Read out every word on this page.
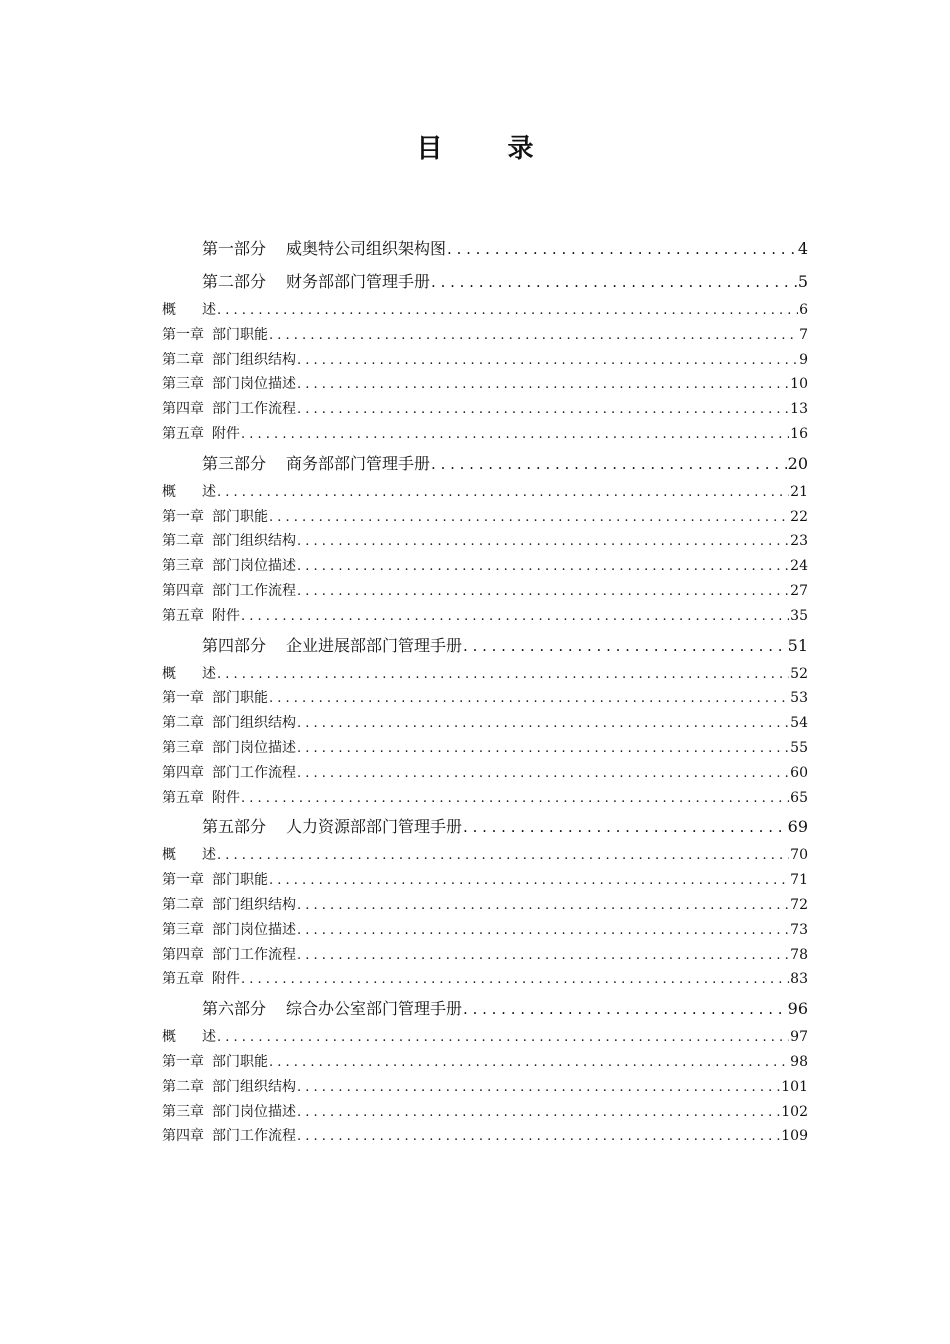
目 录
第一部分 威奥特公司组织架构图 . . .	4
第二部分 财务部部门管理手册 . . .	5
概述 . . .	6
第一章 部门职能 . . .	7
第二章 部门组织结构 . . .	9
第三章 部门岗位描述 . . .	10
第四章 部门工作流程 . . .	13
第五章 附件 . . .	16
第三部分 商务部部门管理手册 . . .	20
概述 . . .	21
第一章 部门职能 . . .	22
第二章 部门组织结构 . . .	23
第三章 部门岗位描述 . . .	24
第四章 部门工作流程 . . .	27
第五章 附件 . . .	35
第四部分 企业进展部部门管理手册 . . .	51
概述 . . .	52
第一章 部门职能 . . .	53
第二章 部门组织结构 . . .	54
第三章 部门岗位描述 . . .	55
第四章 部门工作流程 . . .	60
第五章 附件 . . .	65
第五部分 人力资源部部门管理手册 . . .	69
概述 . . .	70
第一章 部门职能 . . .	71
第二章 部门组织结构 . . .	72
第三章 部门岗位描述 . . .	73
第四章 部门工作流程 . . .	78
第五章 附件 . . .	83
第六部分 综合办公室部门管理手册 . . .	96
概述 . . .	97
第一章 部门职能 . . .	98
第二章 部门组织结构 . . .	101
第三章 部门岗位描述 . . .	102
第四章 部门工作流程 . . .	109
